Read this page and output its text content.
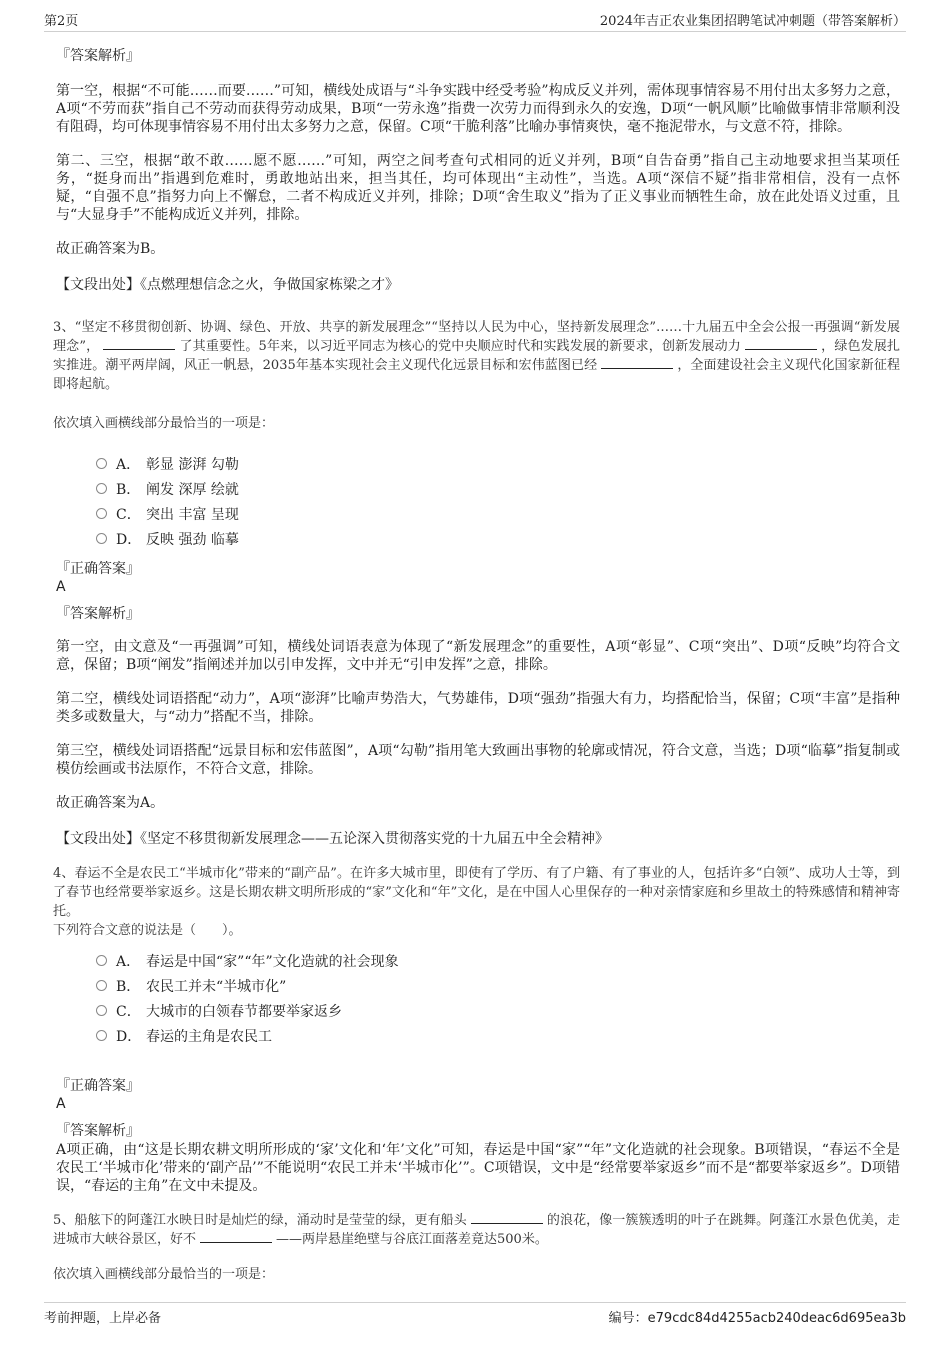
第2页	2024年吉正农业集团招聘笔试冲刺题（带答案解析）
『答案解析』

第一空，根据“不可能……而要……”可知，横线处成语与“斗争实践中经受考验”构成反义并列，需体现事情容易不用付出太多努力之意，A项“不劳而获”指自己不劳动而获得劳动成果，B项“一劳永逸”指费一次劳力而得到永久的安逸，D项“一帆风顺”比喻做事情非常顺利没有阻碍，均可体现事情容易不用付出太多努力之意，保留。C项“干脆利落”比喻办事情爽快，毫不拖泥带水，与文意不符，排除。

第二、三空，根据“敢不敢……愿不愿……”可知，两空之间考查句式相同的近义并列，B项“自告奋勇”指自己主动地要求担当某项任务，“挺身而出”指遇到危难时，勇敢地站出来，担当其任，均可体现出“主动性”，当选。A项“深信不疑”指非常相信，没有一点怀疑，“自强不息”指努力向上不懈怠，二者不构成近义并列，排除；D项“舍生取义”指为了正义事业而牺牲生命，放在此处语义过重，且与“大显身手”不能构成近义并列，排除。

故正确答案为B。

【文段出处】《点燃理想信念之火，争做国家栋梁之才》

3、“坚定不移贯彻创新、协调、绿色、开放、共享的新发展理念”“坚持以人民为中心，坚持新发展理念”……十九届五中全会公报一再强调“新发展理念”，	了其重要性。5年来，以习近平同志为核心的党中央顺应时代和实践发展的新要求，创新发展动力	，绿色发展扎实推进。潮平两岸阔，风正一帆悬，2035年基本实现社会主义现代化远景目标和宏伟蓝图已经	，全面建设社会主义现代化国家新征程即将起航。

依次填入画横线部分最恰当的一项是：

A． 彰显 澎湃 勾勒
B． 阐发 深厚 绘就
C． 突出 丰富 呈现
D． 反映 强劲 临摹
『正确答案』
A
『答案解析』

第一空，由文意及“一再强调”可知，横线处词语表意为体现了“新发展理念”的重要性，A项“彰显”、C项“突出”、D项“反映”均符合文意，保留；B项“阐发”指阐述并加以引申发挥，文中并无“引申发挥”之意，排除。

第二空，横线处词语搭配“动力”，A项“澎湃”比喻声势浩大，气势雄伟，D项“强劲”指强大有力，均搭配恰当，保留；C项“丰富”是指种类多或数量大，与“动力”搭配不当，排除。

第三空，横线处词语搭配“远景目标和宏伟蓝图”，A项“勾勒”指用笔大致画出事物的轮廓或情况，符合文意，当选；D项“临摹”指复制或模仿绘画或书法原作，不符合文意，排除。

故正确答案为A。

【文段出处】《坚定不移贯彻新发展理念——五论深入贯彻落实党的十九届五中全会精神》

4、春运不全是农民工“半城市化”带来的“副产品”。在许多大城市里，即使有了学历、有了户籍、有了事业的人，包括许多“白领”、成功人士等，到了春节也经常要举家返乡。这是长期农耕文明所形成的“家”文化和“年”文化，是在中国人心里保存的一种对亲情家庭和乡里故土的特殊感情和精神寄托。

下列符合文意的说法是（　　）。

A． 春运是中国“家”“年”文化造就的社会现象
B． 农民工并未“半城市化”
C． 大城市的白领春节都要举家返乡
D． 春运的主角是农民工
『正确答案』
A
『答案解析』

A项正确，由“这是长期农耕文明所形成的‘家’文化和‘年’文化”可知，春运是中国“家”“年”文化造就的社会现象。B项错误，“春运不全是农民工‘半城市化’带来的‘副产品’”不能说明“农民工并未‘半城市化’”。C项错误，文中是“经常要举家返乡”而不是“都要举家返乡”。D项错误，“春运的主角”在文中未提及。

5、船舷下的阿蓬江水映日时是灿烂的绿，涌动时是莹莹的绿，更有船头	的浪花，像一簇簇透明的叶子在跳舞。阿蓬江水景色优美，走进城市大峡谷景区，好不	——两岸悬崖绝壁与谷底江面落差竟达500米。

依次填入画横线部分最恰当的一项是：

考前押题，上岸必备	编号：e79cdc84d4255acb240deac6d695ea3b
